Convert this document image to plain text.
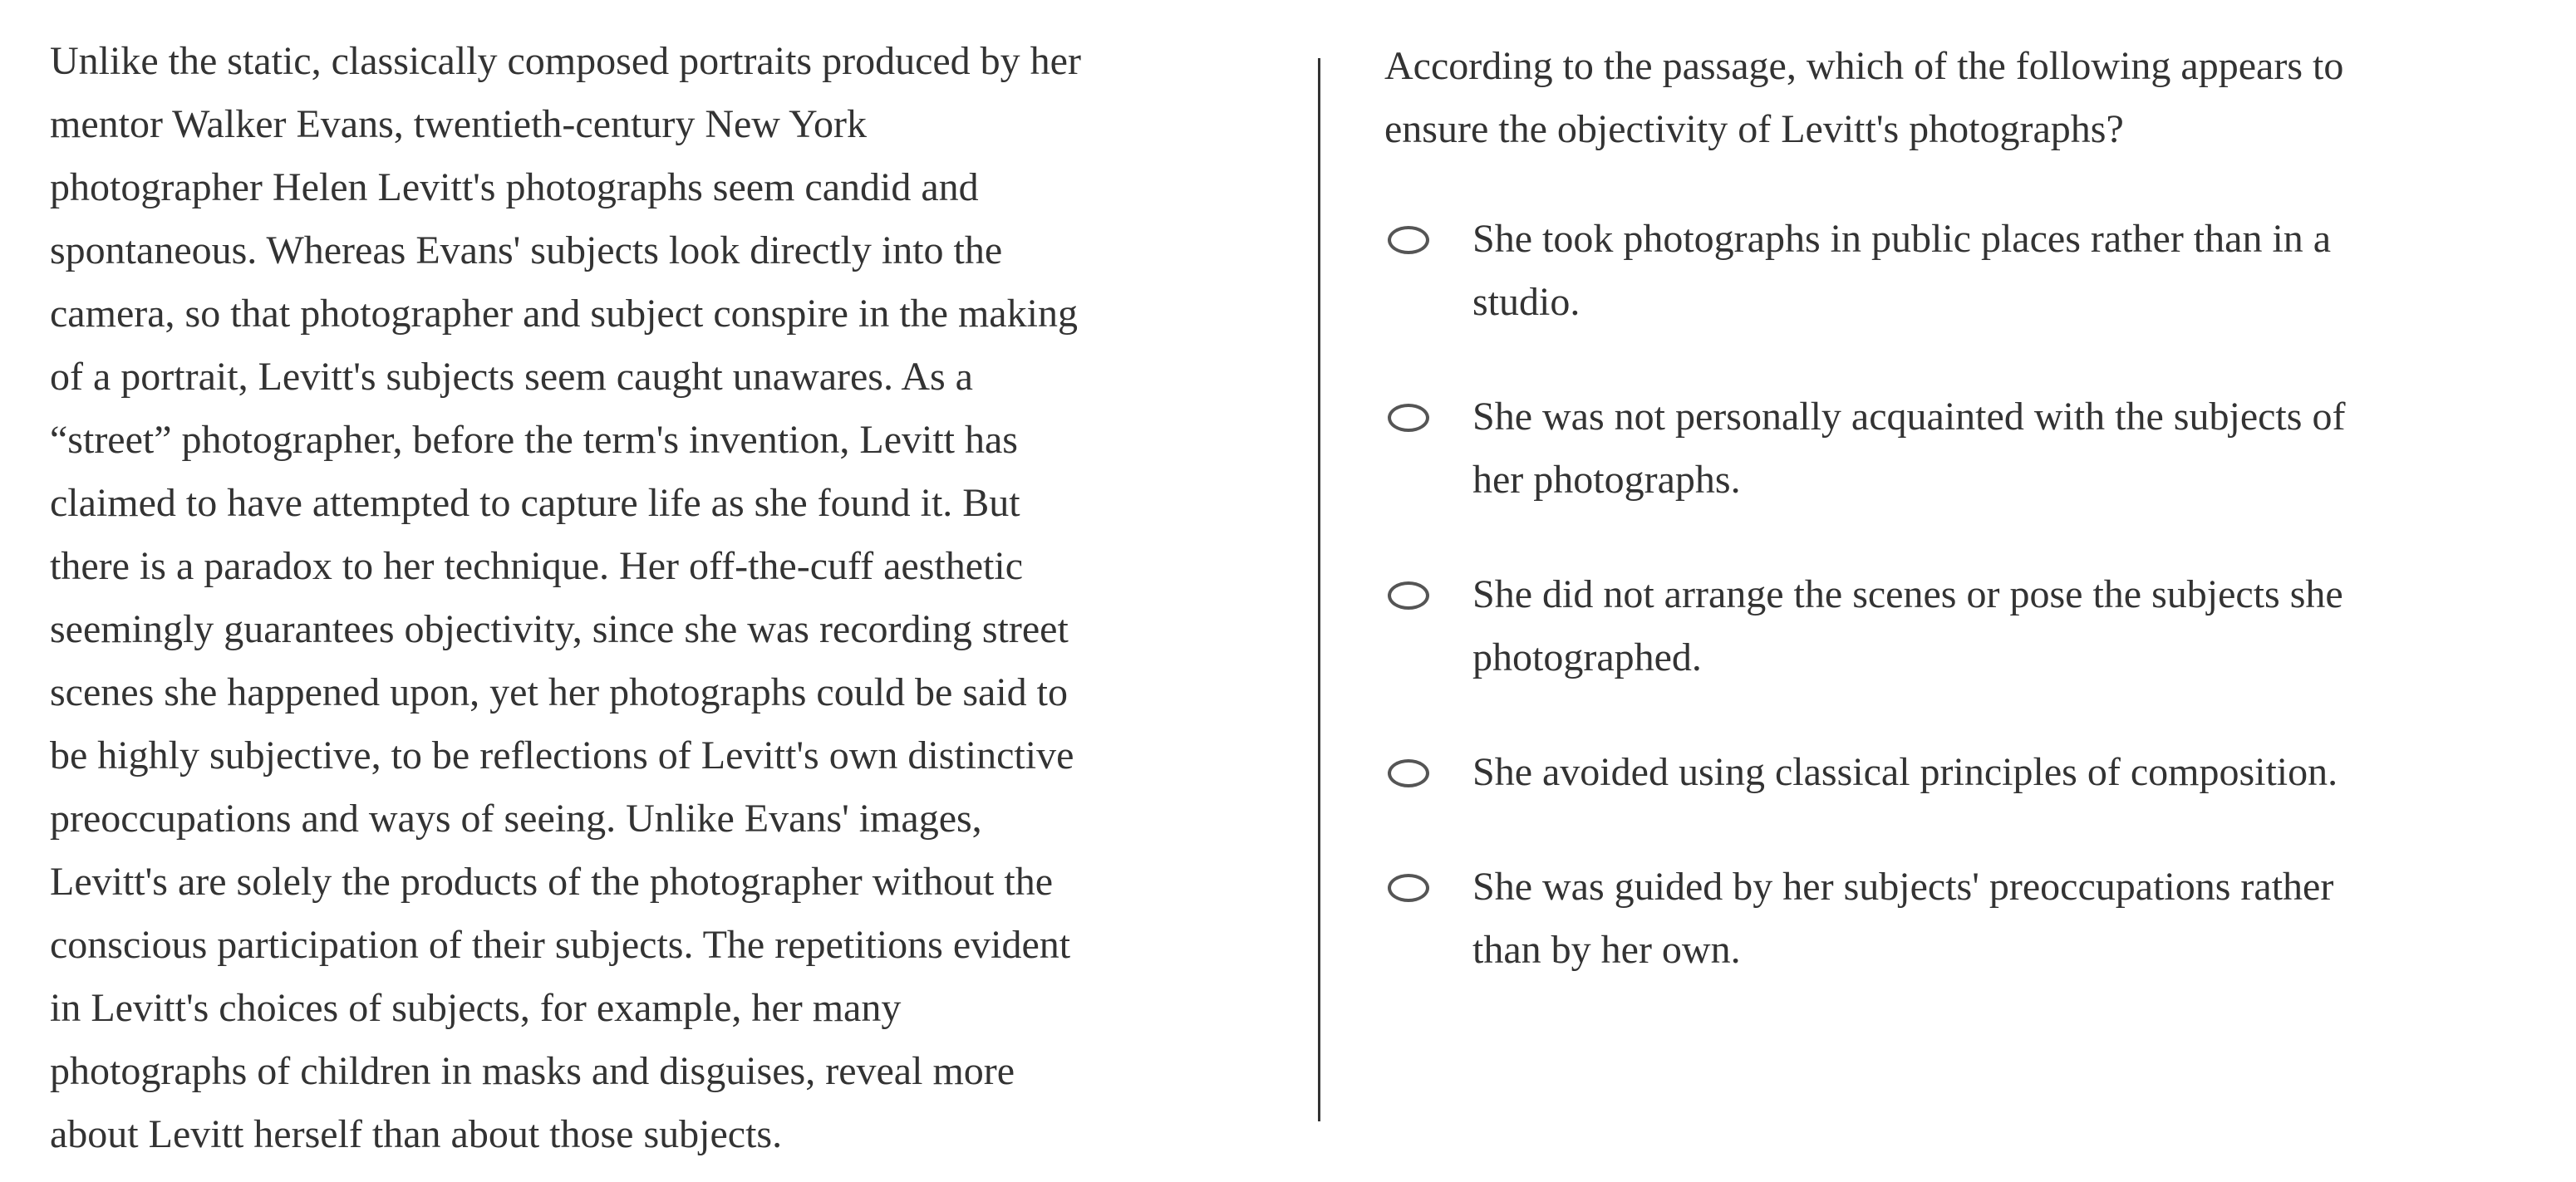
Unlike the static, classically composed portraits produced by her
mentor Walker Evans, twentieth-century New York
photographer Helen Levitt's photographs seem candid and
spontaneous. Whereas Evans' subjects look directly into the
camera, so that photographer and subject conspire in the making
of a portrait, Levitt's subjects seem caught unawares. As a
“street” photographer, before the term's invention, Levitt has
claimed to have attempted to capture life as she found it. But
there is a paradox to her technique. Her off-the-cuff aesthetic
seemingly guarantees objectivity, since she was recording street
scenes she happened upon, yet her photographs could be said to
be highly subjective, to be reflections of Levitt's own distinctive
preoccupations and ways of seeing. Unlike Evans' images,
Levitt's are solely the products of the photographer without the
conscious participation of their subjects. The repetitions evident
in Levitt's choices of subjects, for example, her many
photographs of children in masks and disguises, reveal more
about Levitt herself than about those subjects.
According to the passage, which of the following appears to
ensure the objectivity of Levitt's photographs?
She took photographs in public places rather than in a
studio.
She was not personally acquainted with the subjects of
her photographs.
She did not arrange the scenes or pose the subjects she
photographed.
She avoided using classical principles of composition.
She was guided by her subjects' preoccupations rather
than by her own.
